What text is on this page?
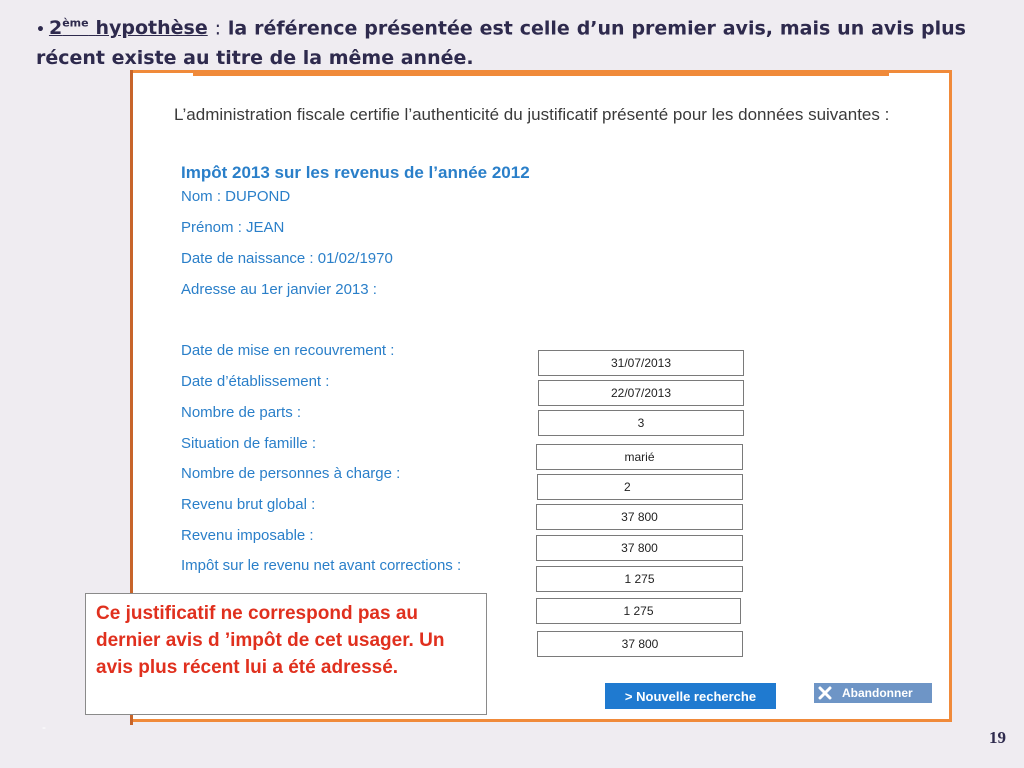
• 2ème hypothèse : la référence présentée est celle d’un premier avis, mais un avis plus récent existe au titre de la même année.
L’administration fiscale certifie l’authenticité du justificatif présenté pour les données suivantes :
Impôt 2013 sur les revenus de l’année 2012
Nom : DUPOND
Prénom : JEAN
Date de naissance : 01/02/1970
Adresse au 1er janvier 2013 :
Date de mise en recouvrement :
Date d’établissement :
Nombre de parts :
Situation de famille :
Nombre de personnes à charge :
Revenu brut global :
Revenu imposable :
Impôt sur le revenu net avant corrections :
31/07/2013
22/07/2013
3
marié
2
37 800
37 800
1 275
1 275
37 800
Ce justificatif ne correspond pas au dernier avis d ’impôt de cet usager. Un avis plus récent lui a été adressé.
> Nouvelle recherche	Abandonner
-
19
